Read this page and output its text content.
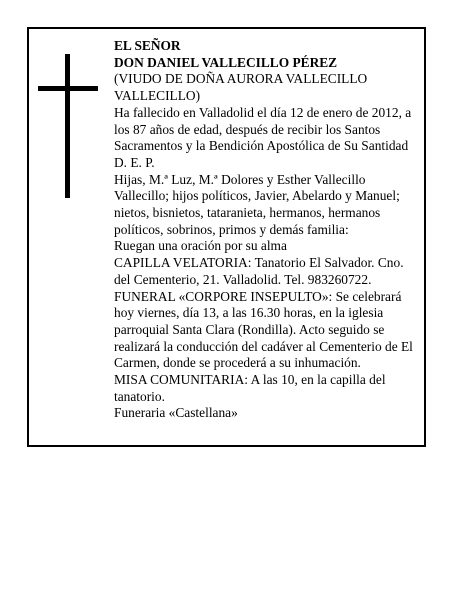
EL SEÑOR

DON DANIEL VALLECILLO PÉREZ

(VIUDO DE DOÑA AURORA VALLECILLO VALLECILLO)

Ha fallecido en Valladolid el día 12 de enero de 2012, a los 87 años de edad, después de recibir los Santos Sacramentos y la Bendición Apostólica de Su Santidad D. E. P.

Hijas, M.ª Luz, M.ª Dolores y Esther Vallecillo Vallecillo; hijos políticos, Javier, Abelardo y Manuel; nietos, bisnietos, tataranieta, hermanos, hermanos políticos, sobrinos, primos y demás familia:

Ruegan una oración por su alma

CAPILLA VELATORIA: Tanatorio El Salvador. Cno. del Cementerio, 21. Valladolid. Tel. 983260722.

FUNERAL «CORPORE INSEPULTO»: Se celebrará hoy viernes, día 13, a las 16.30 horas, en la iglesia parroquial Santa Clara (Rondilla). Acto seguido se realizará la conducción del cadáver al Cementerio de El Carmen, donde se procederá a su inhumación.

MISA COMUNITARIA: A las 10, en la capilla del tanatorio.

Funeraria «Castellana»
